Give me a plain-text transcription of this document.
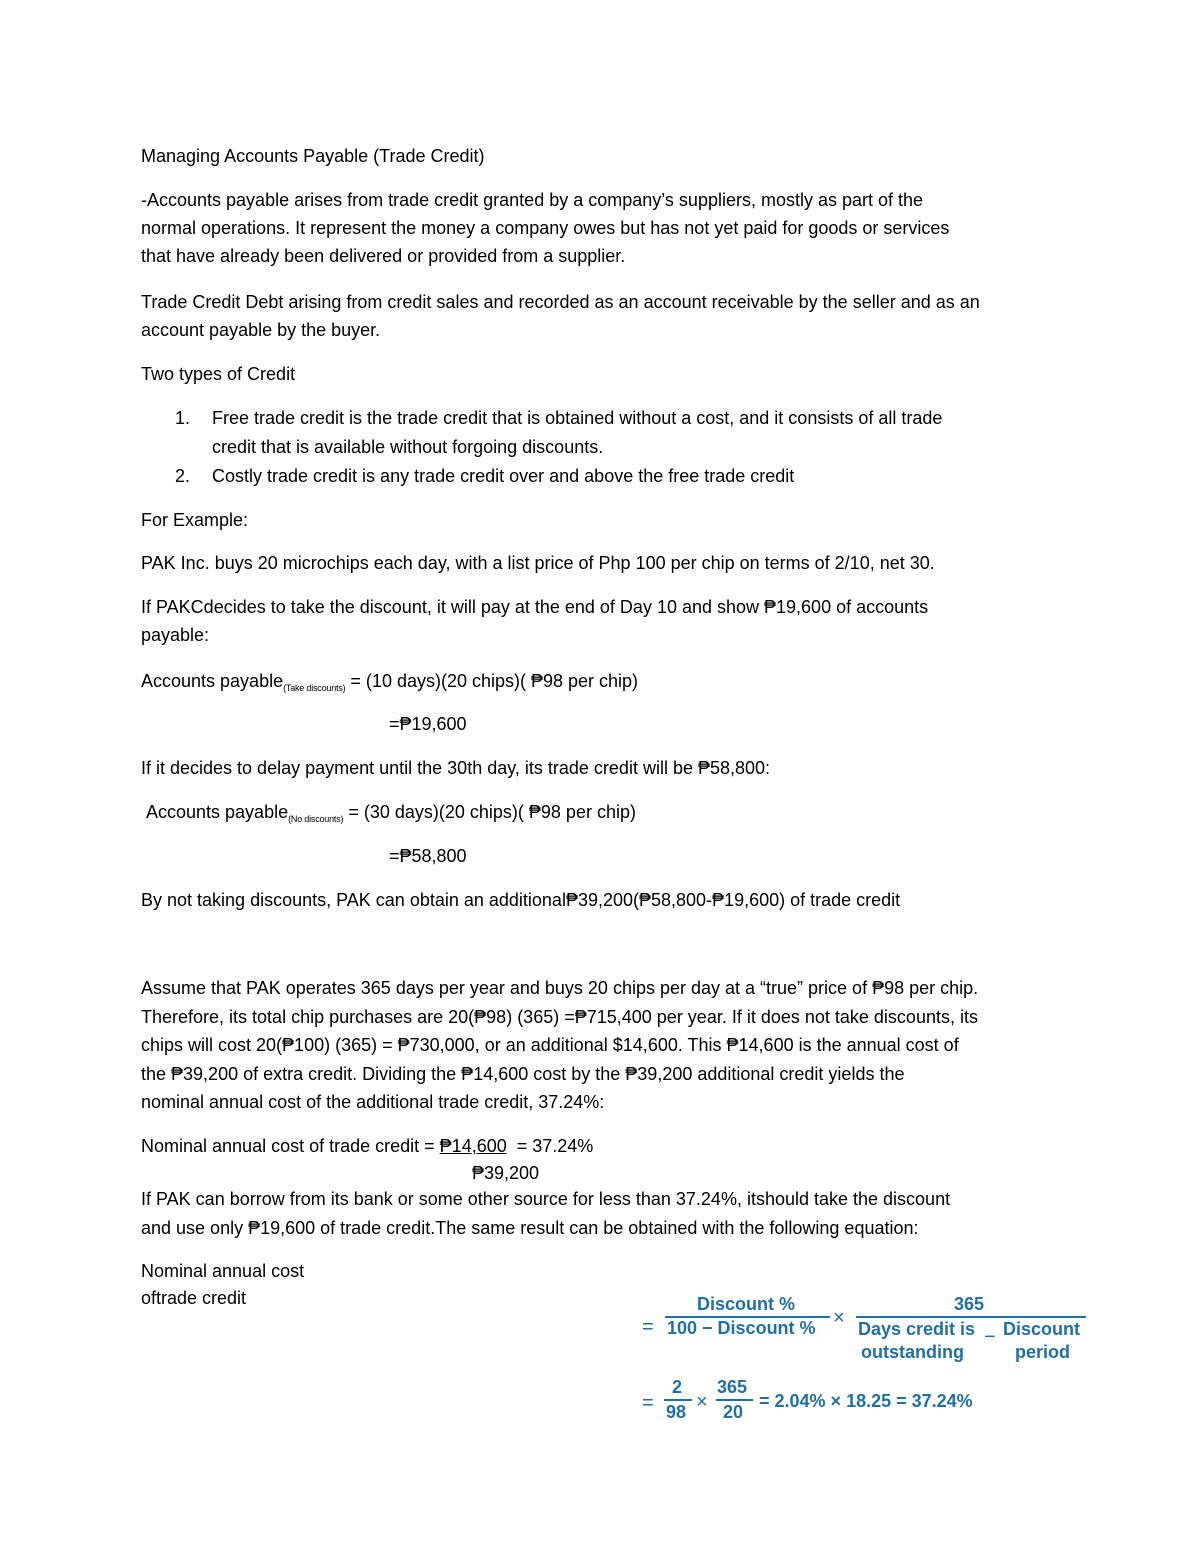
Managing Accounts Payable (Trade Credit)
-Accounts payable arises from trade credit granted by a company’s suppliers, mostly as part of the
normal operations. It represent the money a company owes but has not yet paid for goods or services
that have already been delivered or provided from a supplier.
Trade Credit Debt arising from credit sales and recorded as an account receivable by the seller and as an
account payable by the buyer.
Two types of Credit
1. Free trade credit is the trade credit that is obtained without a cost, and it consists of all trade
credit that is available without forgoing discounts.
2. Costly trade credit is any trade credit over and above the free trade credit
For Example:
PAK Inc. buys 20 microchips each day, with a list price of Php 100 per chip on terms of 2/10, net 30.
If PAKCdecides to take the discount, it will pay at the end of Day 10 and show ₱19,600 of accounts
payable:
Accounts payable$_{(Take discounts)}$ = (10 days)(20 chips)( ₱98 per chip)
=₱19,600
If it decides to delay payment until the 30th day, its trade credit will be ₱58,800:
Accounts payable$_{(No discounts)}$ = (30 days)(20 chips)( ₱98 per chip)
=₱58,800
By not taking discounts, PAK can obtain an additional₱39,200(₱58,800-₱19,600) of trade credit
Assume that PAK operates 365 days per year and buys 20 chips per day at a “true” price of ₱98 per chip.
Therefore, its total chip purchases are 20(₱98) (365) =₱715,400 per year. If it does not take discounts, its
chips will cost 20(₱100) (365) = ₱730,000, or an additional $14,600. This ₱14,600 is the annual cost of
the ₱39,200 of extra credit. Dividing the ₱14,600 cost by the ₱39,200 additional credit yields the
nominal annual cost of the additional trade credit, 37.24%:
Nominal annual cost of trade credit = ₱14,600  = 37.24%
₱39,200
If PAK can borrow from its bank or some other source for less than 37.24%, itshould take the discount
and use only ₱19,600 of trade credit.The same result can be obtained with the following equation:
Nominal annual cost
oftrade credit
=
Discount %
100 − Discount % ×
365
Days credit is
outstanding
− Discount
period
=
2
98 ×
365
20
= 2.04% × 18.25 = 37.24%
